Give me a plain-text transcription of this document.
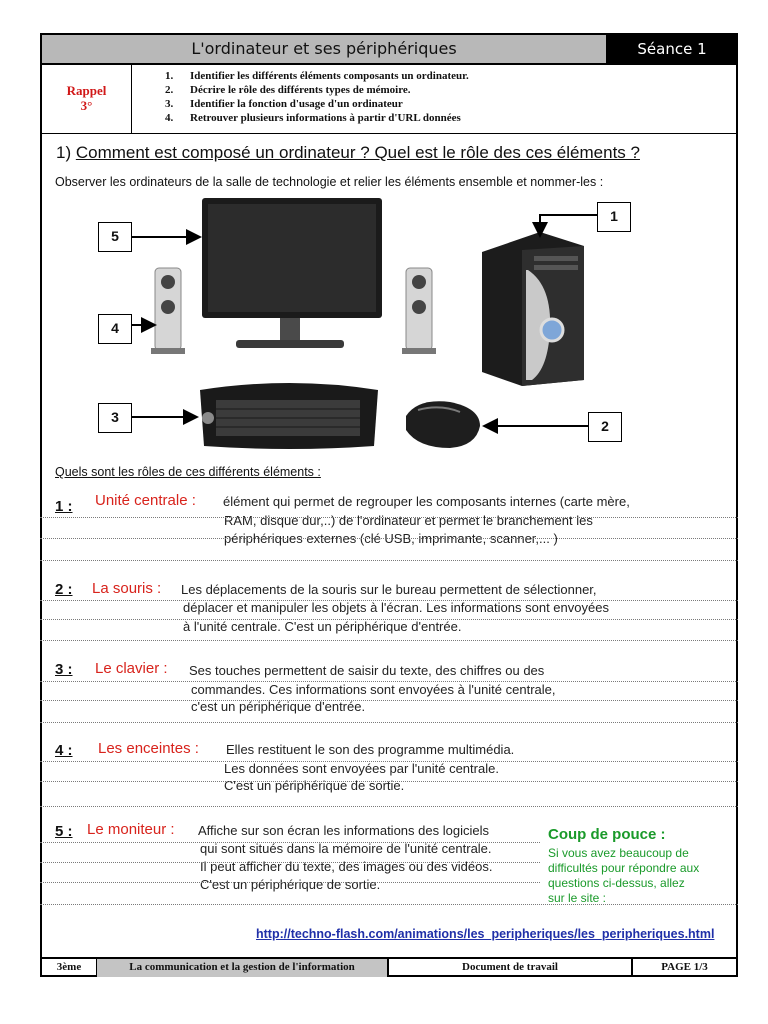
L'ordinateur et ses périphériques	Séance 1
Rappel
3°
1. Identifier les différents éléments composants un ordinateur.
2. Décrire le rôle des différents types de mémoire.
3. Identifier la fonction d'usage d'un ordinateur
4. Retrouver plusieurs informations à partir d'URL données
1) Comment est composé un ordinateur ? Quel est le rôle des ces éléments ?
Observer les ordinateurs de la salle de technologie et relier les éléments ensemble et nommer-les :
1
2
3
4
5
Quels sont les rôles de ces différents éléments :
1 : Unité centrale : élément qui permet de regrouper les composants internes (carte mère,
RAM, disque dur,..) de l'ordinateur et permet le branchement les
périphériques externes (clé USB, imprimante, scanner,... )
2 : La souris : Les déplacements de la souris sur le bureau permettent de sélectionner,
déplacer et manipuler les objets à l'écran. Les informations sont envoyées
à l'unité centrale. C'est un périphérique d'entrée.
3 : Le clavier : Ses touches permettent de saisir du texte, des chiffres ou des
commandes. Ces informations sont envoyées à l'unité centrale,
c'est un périphérique d'entrée.
4 : Les enceintes : Elles restituent le son des programme multimédia.
Les données sont envoyées par l'unité centrale.
C'est un périphérique de sortie.
5 : Le moniteur : Affiche sur son écran les informations des logiciels
qui sont situés dans la mémoire de l'unité centrale.
Il peut afficher du texte, des images ou des vidéos.
C'est un périphérique de sortie.
Coup de pouce :
Si vous avez beaucoup de
difficultés pour répondre aux
questions ci-dessus, allez
sur le site :
http://techno-flash.com/animations/les_peripheriques/les_peripheriques.html
3ème	La communication et la gestion de l'information	Document de travail	PAGE 1/3
